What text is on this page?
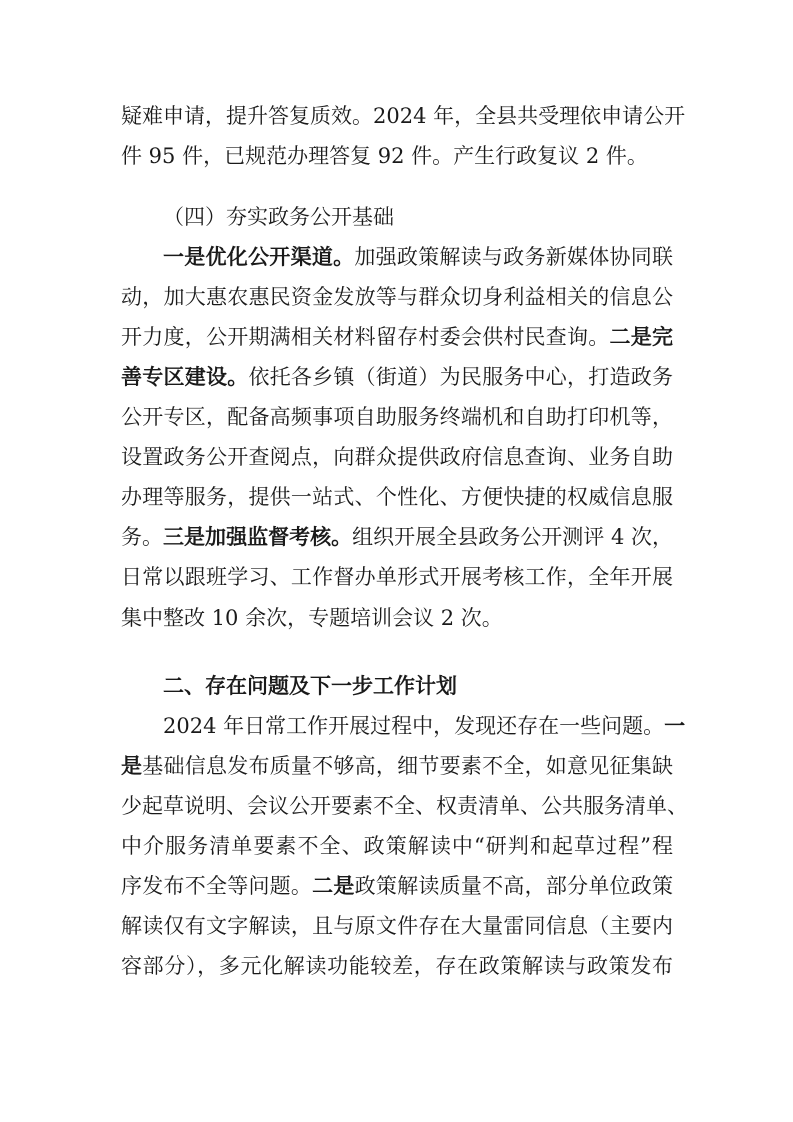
疑难申请，提升答复质效。2024 年，全县共受理依申请公开
件 95 件，已规范办理答复 92 件。产生行政复议 2 件。
（四）夯实政务公开基础
一是优化公开渠道。加强政策解读与政务新媒体协同联
动，加大惠农惠民资金发放等与群众切身利益相关的信息公
开力度，公开期满相关材料留存村委会供村民查询。二是完
善专区建设。依托各乡镇（街道）为民服务中心，打造政务
公开专区，配备高频事项自助服务终端机和自助打印机等，
设置政务公开查阅点，向群众提供政府信息查询、业务自助
办理等服务，提供一站式、个性化、方便快捷的权威信息服
务。三是加强监督考核。组织开展全县政务公开测评 4 次，
日常以跟班学习、工作督办单形式开展考核工作，全年开展
集中整改 10 余次，专题培训会议 2 次。
二、存在问题及下一步工作计划
2024 年日常工作开展过程中，发现还存在一些问题。一
是基础信息发布质量不够高，细节要素不全，如意见征集缺
少起草说明、会议公开要素不全、权责清单、公共服务清单、
中介服务清单要素不全、政策解读中“研判和起草过程”程
序发布不全等问题。二是政策解读质量不高，部分单位政策
解读仅有文字解读，且与原文件存在大量雷同信息（主要内
容部分），多元化解读功能较差，存在政策解读与政策发布
